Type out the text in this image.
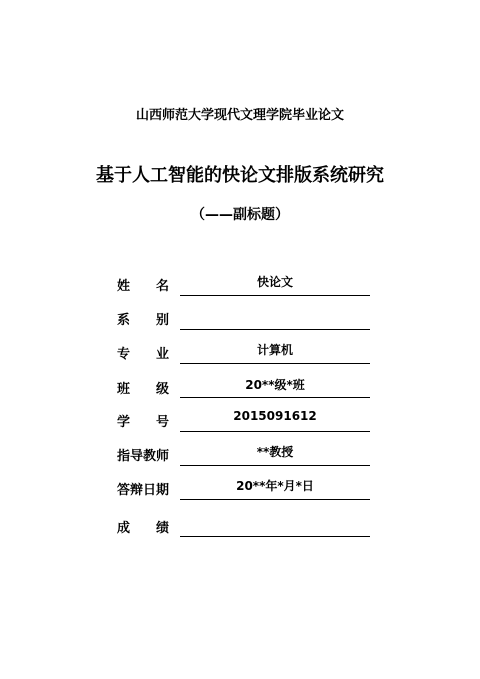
山西师范大学现代文理学院毕业论文
基于人工智能的快论文排版系统研究
（——副标题）
姓 名	快论文
系 别
专 业	计算机
班 级	20**级*班
学 号	2015091612
指导教师	**教授
答辩日期	20**年*月*日
成 绩
